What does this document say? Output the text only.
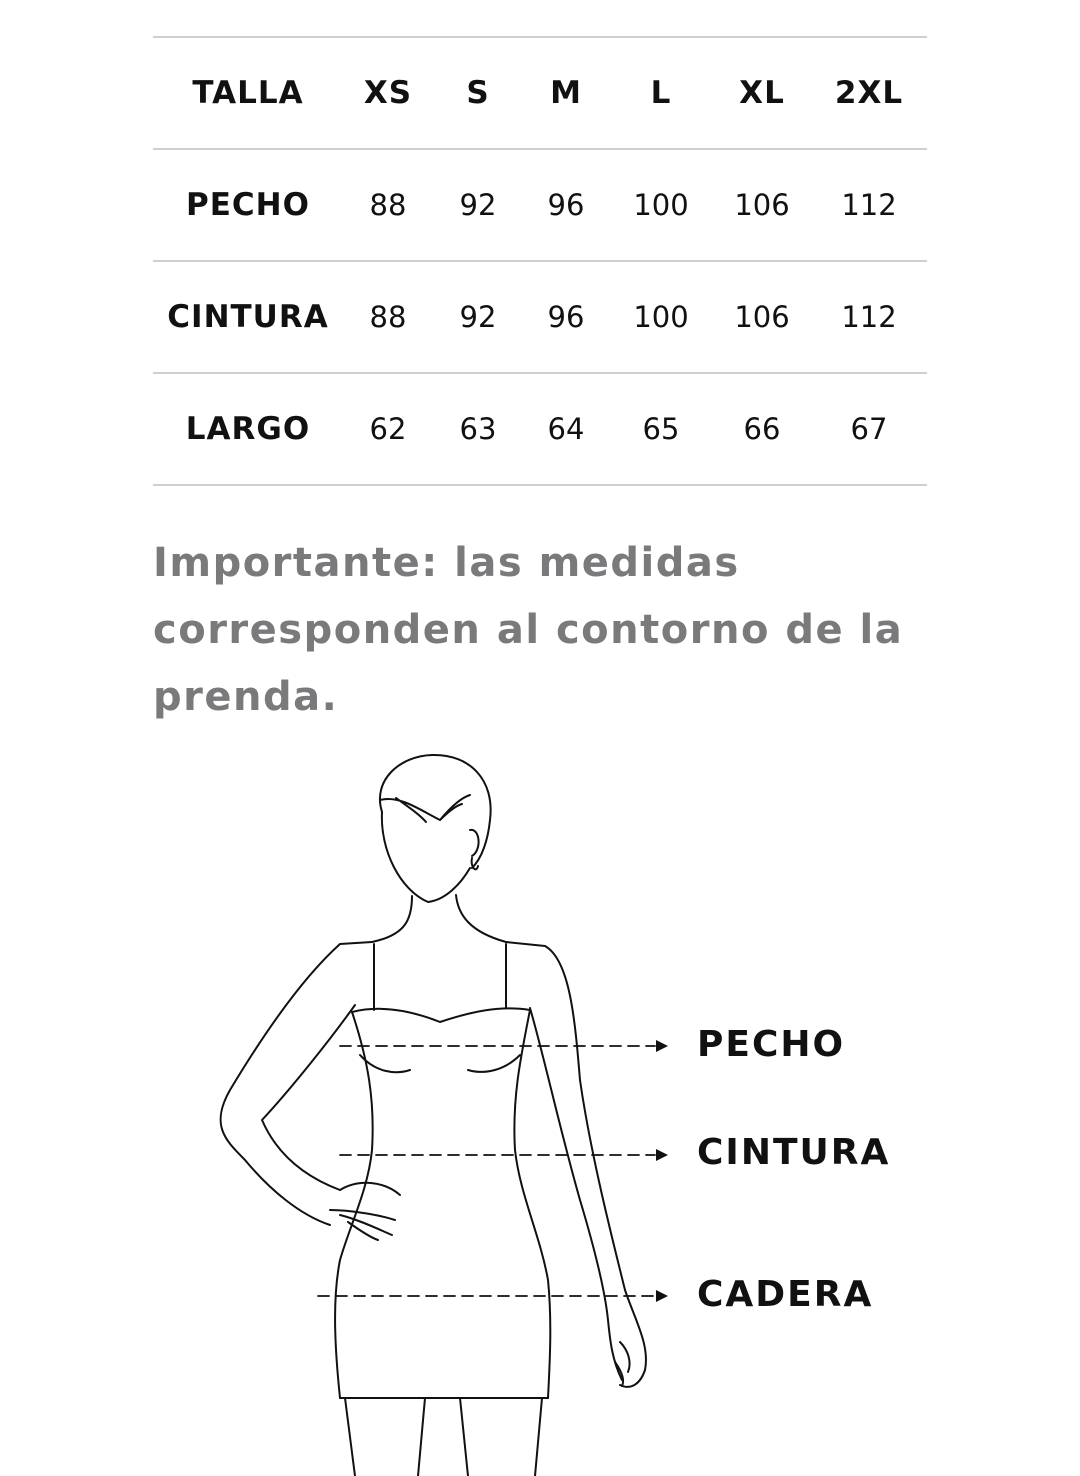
TALLA	XS	S	M	L	XL	2XL
PECHO	88	92	96	100	106	112
CINTURA	88	92	96	100	106	112
LARGO	62	63	64	65	66	67

Importante: las medidas corresponden al contorno de la prenda.

PECHO
CINTURA
CADERA
